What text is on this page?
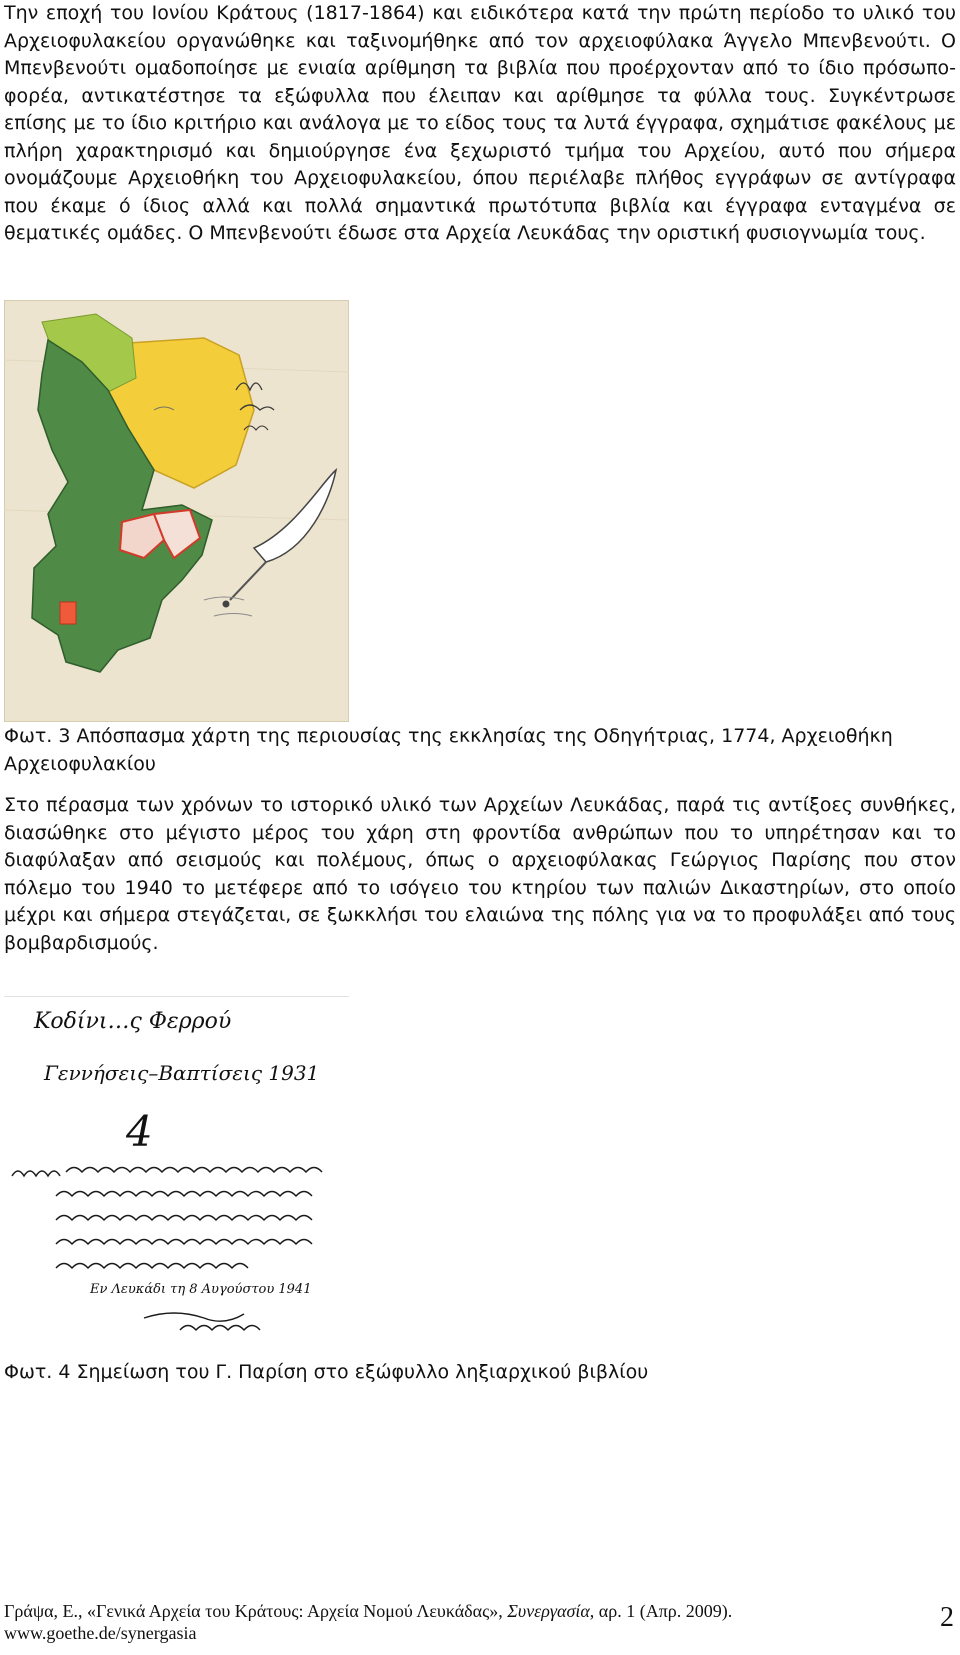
Την εποχή του Ιονίου Κράτους (1817-1864) και ειδικότερα κατά την πρώτη περίοδο το υλικό του Αρχειοφυλακείου οργανώθηκε και ταξινομήθηκε από τον αρχειοφύλακα Άγγελο Μπενβενούτι. Ο Μπενβενούτι ομαδοποίησε με ενιαία αρίθμηση τα βιβλία που προέρχονταν από το ίδιο πρόσωπο-φορέα, αντικατέστησε τα εξώφυλλα που έλειπαν και αρίθμησε τα φύλλα τους. Συγκέντρωσε επίσης με το ίδιο κριτήριο και ανάλογα με το είδος τους τα λυτά έγγραφα, σχημάτισε φακέλους με πλήρη χαρακτηρισμό και δημιούργησε ένα ξεχωριστό τμήμα του Αρχείου, αυτό που σήμερα ονομάζουμε Αρχειοθήκη του Αρχειοφυλακείου, όπου περιέλαβε πλήθος εγγράφων σε αντίγραφα που έκαμε ό ίδιος αλλά και πολλά σημαντικά πρωτότυπα βιβλία και έγγραφα ενταγμένα σε θεματικές ομάδες. Ο Μπενβενούτι έδωσε στα Αρχεία Λευκάδας την οριστική φυσιογνωμία τους.

Φωτ. 3 Απόσπασμα χάρτη της περιουσίας της εκκλησίας της Οδηγήτριας, 1774, Αρχειοθήκη Αρχειοφυλακίου

Στο πέρασμα των χρόνων το ιστορικό υλικό των Αρχείων Λευκάδας, παρά τις αντίξοες συνθήκες, διασώθηκε στο μέγιστο μέρος του χάρη στη φροντίδα ανθρώπων που το υπηρέτησαν και το διαφύλαξαν από σεισμούς και πολέμους, όπως ο αρχειοφύλακας Γεώργιος Παρίσης που στον πόλεμο του 1940 το μετέφερε από το ισόγειο του κτηρίου των παλιών Δικαστηρίων, στο οποίο μέχρι και σήμερα στεγάζεται, σε ξωκκλήσι του ελαιώνα της πόλης για να το προφυλάξει από τους βομβαρδισμούς.

Κοδίνι…ς Φερρού
Γεννήσεις–Βαπτίσεις 1931
4
Εν Λευκάδι τη 8 Αυγούστου 1941

Φωτ. 4 Σημείωση του Γ. Παρίση στο εξώφυλλο ληξιαρχικού βιβλίου

Γράψα, Ε., «Γενικά Αρχεία του Κράτους: Αρχεία Νομού Λευκάδας», Συνεργασία, αρ. 1 (Απρ. 2009).
www.goethe.de/synergasia	2
